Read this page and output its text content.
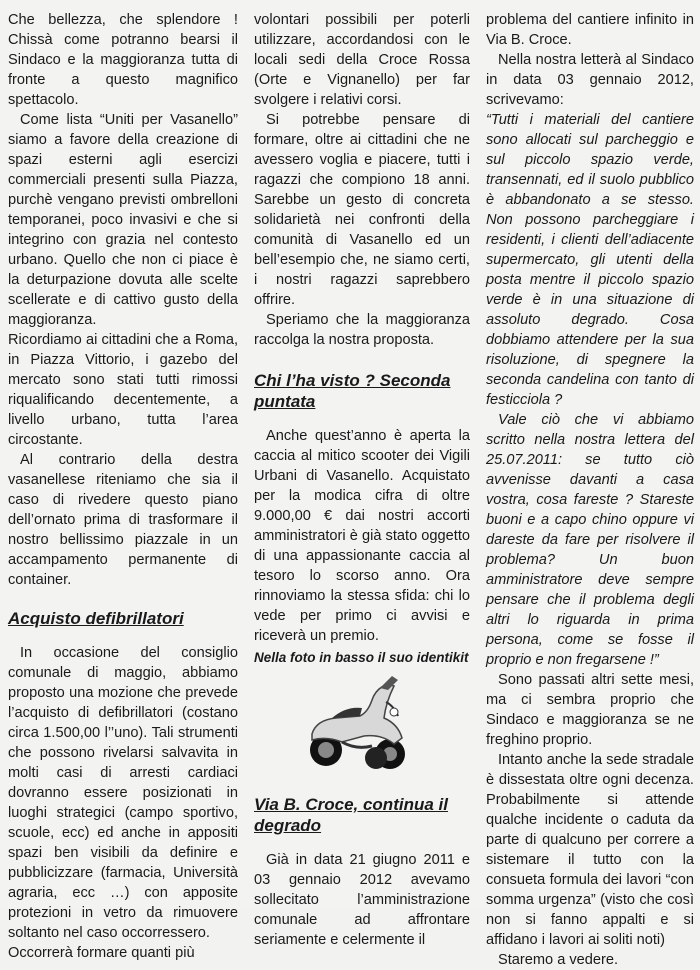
Che bellezza, che splendore ! Chissà come potranno bearsi il Sindaco e la maggioranza tutta di fronte a questo magnifico spettacolo.

Come lista “Uniti per Vasanello” siamo a favore della creazione di spazi esterni agli esercizi commerciali presenti sulla Piazza, purchè vengano previsti ombrelloni temporanei, poco invasivi e che si integrino con grazia nel contesto urbano. Quello che non ci piace è la deturpazione dovuta alle scelte scellerate e di cattivo gusto della maggioranza.

Ricordiamo ai cittadini che a Roma, in Piazza Vittorio, i gazebo del mercato sono stati tutti rimossi riqualificando decentemente, a livello urbano, tutta l’area circostante.

Al contrario della destra vasanellese riteniamo che sia il caso di rivedere questo piano dell’ornato prima di trasformare il nostro bellissimo piazzale in un accampamento permanente di container.

Acquisto defibrillatori

In occasione del consiglio comunale di maggio, abbiamo proposto una mozione che prevede l’acquisto di defibrillatori (costano circa 1.500,00 l’’uno). Tali strumenti che possono rivelarsi salvavita in molti casi di arresti cardiaci dovranno essere posizionati in luoghi strategici (campo sportivo, scuole, ecc) ed anche in appositi spazi ben visibili da definire e pubblicizzare (farmacia, Università agraria, ecc …) con apposite protezioni in vetro da rimuovere soltanto nel caso occorressero.

Occorrerà formare quanti più

volontari possibili per poterli utilizzare, accordandosi con le locali sedi della Croce Rossa (Orte e Vignanello) per far svolgere i relativi corsi.

Si potrebbe pensare di formare, oltre ai cittadini che ne avessero voglia e piacere, tutti i ragazzi che compiono 18 anni. Sarebbe un gesto di concreta solidarietà nei confronti della comunità di Vasanello ed un bell’esempio che, ne siamo certi, i nostri ragazzi saprebbero offrire.

Speriamo che la maggioranza raccolga la nostra proposta.

Chi l’ha visto ? Seconda puntata

Anche quest’anno è aperta la caccia al mitico scooter dei Vigili Urbani di Vasanello. Acquistato per la modica cifra di oltre 9.000,00 € dai nostri accorti amministratori è già stato oggetto di una appassionante caccia al tesoro lo scorso anno. Ora rinnoviamo la stessa sfida: chi lo vede per primo ci avvisi e riceverà un premio.

Nella foto in basso il suo identikit

Via B. Croce, continua il degrado

Già in data 21 giugno 2011 e 03 gennaio 2012 avevamo sollecitato l’amministrazione comunale ad affrontare seriamente e celermente il

problema del cantiere infinito in Via B. Croce.

Nella nostra letterà al Sindaco in data 03 gennaio 2012, scrivevamo:

“Tutti i materiali del cantiere sono allocati sul parcheggio e sul piccolo spazio verde, transennati, ed il suolo pubblico è abbandonato a se stesso. Non possono parcheggiare i residenti, i clienti dell’adiacente supermercato, gli utenti della posta mentre il piccolo spazio verde è in una situazione di assoluto degrado. Cosa dobbiamo attendere per la sua risoluzione, di spegnere la seconda candelina con tanto di festicciola ?

Vale ciò che vi abbiamo scritto nella nostra lettera del 25.07.2011: se tutto ciò avvenisse davanti a casa vostra, cosa fareste ? Stareste buoni e a capo chino oppure vi dareste da fare per risolvere il problema? Un buon amministratore deve sempre pensare che il problema degli altri lo riguarda in prima persona, come se fosse il proprio e non fregarsene !”

Sono passati altri sette mesi, ma ci sembra proprio che Sindaco e maggioranza se ne freghino proprio.

Intanto anche la sede stradale è dissestata oltre ogni decenza. Probabilmente si attende qualche incidente o caduta da parte di qualcuno per correre a sistemare il tutto con la consueta formula dei lavori “con somma urgenza” (visto che così non si fanno appalti e si affidano i lavori ai soliti noti)

Staremo a vedere.
